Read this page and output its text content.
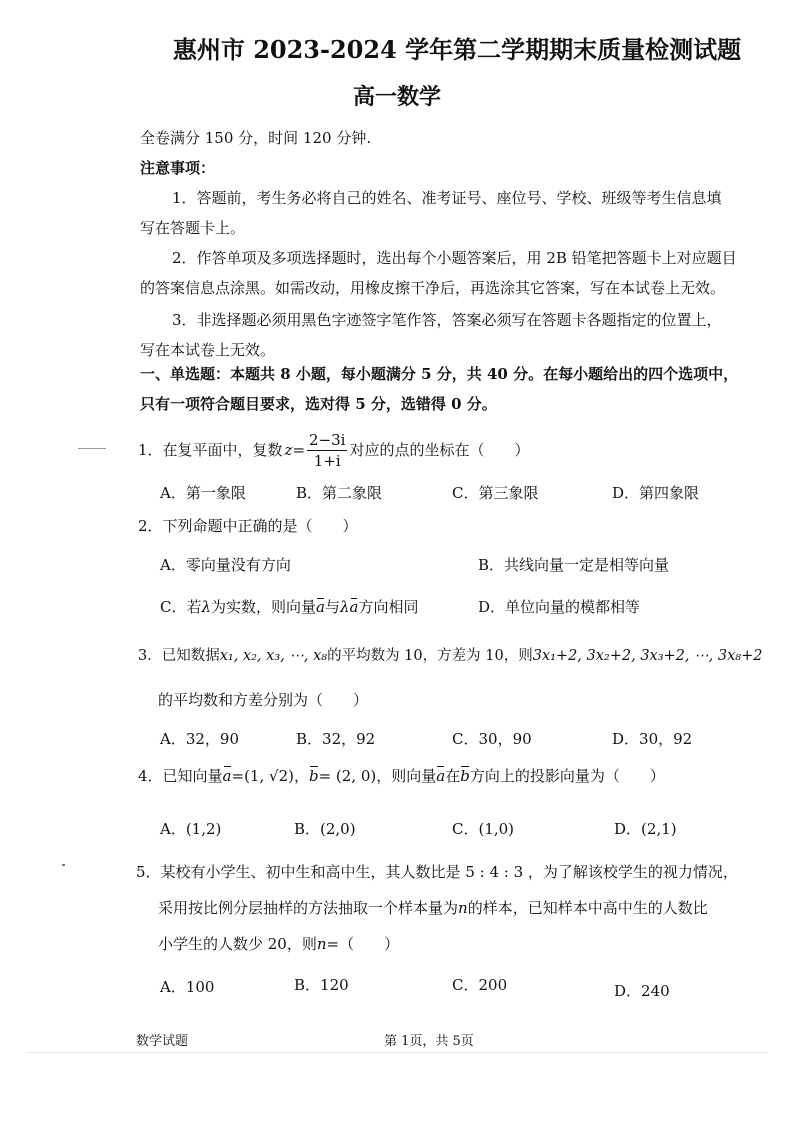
惠州市 2023-2024 学年第二学期期末质量检测试题
高一数学
全卷满分 150 分，时间 120 分钟.
注意事项：
1．答题前，考生务必将自己的姓名、准考证号、座位号、学校、班级等考生信息填
写在答题卡上。
2．作答单项及多项选择题时，选出每个小题答案后，用 2B 铅笔把答题卡上对应题目
的答案信息点涂黑。如需改动，用橡皮擦干净后，再选涂其它答案，写在本试卷上无效。
3．非选择题必须用黑色字迹签字笔作答，答案必须写在答题卡各题指定的位置上，
写在本试卷上无效。
一、单选题：本题共 8 小题，每小题满分 5 分，共 40 分。在每小题给出的四个选项中，
只有一项符合题目要求，选对得 5 分，选错得 0 分。
1．在复平面中，复数 $z = \frac{2-3i}{1+i}$ 对应的点的坐标在（　　）
A．第一象限	B．第二象限	C．第三象限	D．第四象限
2．下列命题中正确的是（　　）
A．零向量没有方向	B．共线向量一定是相等向量
C．若λ为实数，则向量a与λa方向相同	D．单位向量的模都相等
3．已知数据x₁, x₂, x₃, ⋯, x₈的平均数为 10，方差为 10，则3x₁+2, 3x₂+2, 3x₃+2, ⋯, 3x₈+2
的平均数和方差分别为（　　）
A．32，90	B．32，92	C．30，90	D．30，92
4．已知向量a=(1, √2)，b= (2, 0)，则向量a在b方向上的投影向量为（　　）
A．(1,2)	B．(2,0)	C．(1,0)	D．(2,1)
5．某校有小学生、初中生和高中生，其人数比是 5 : 4 : 3 ，为了解该校学生的视力情况，
采用按比例分层抽样的方法抽取一个样本量为n的样本，已知样本中高中生的人数比
小学生的人数少 20，则n=（　　）
A．100	B．120	C．200	D．240
数学试题	第 1页，共 5页
